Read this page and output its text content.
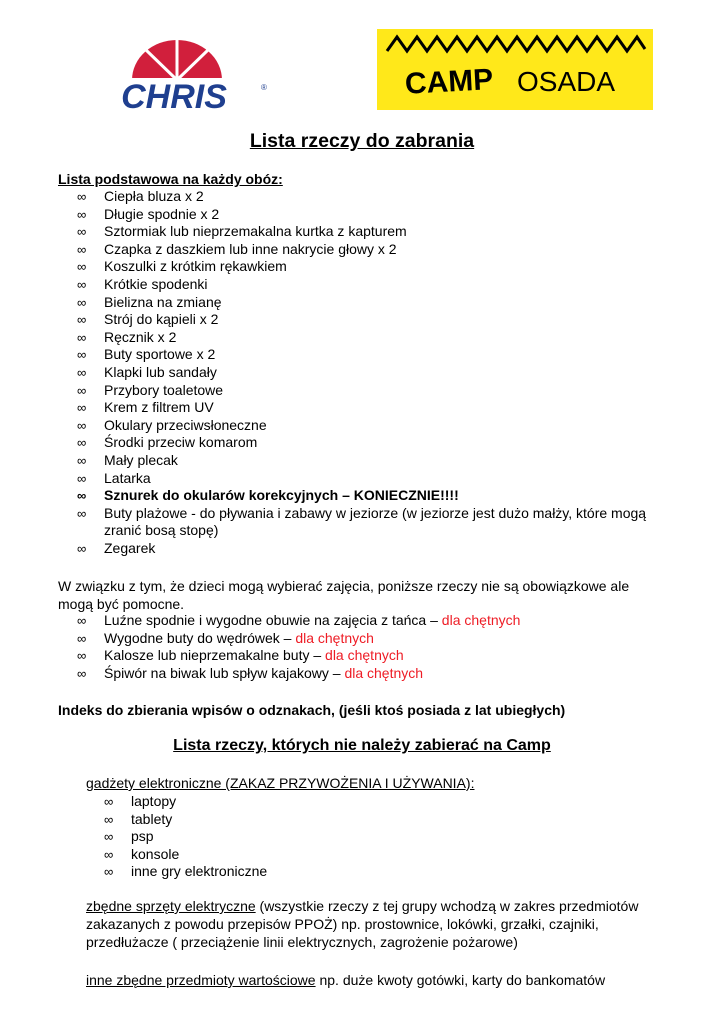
CHRIS	®	CAMP OSADA
Lista rzeczy do zabrania
Lista podstawowa na każdy obóz:
∞ Ciepła bluza x 2
∞ Długie spodnie x 2
∞ Sztormiak lub nieprzemakalna kurtka z kapturem
∞ Czapka z daszkiem lub inne nakrycie głowy x 2
∞ Koszulki z krótkim rękawkiem
∞ Krótkie spodenki
∞ Bielizna na zmianę
∞ Strój do kąpieli x 2
∞ Ręcznik x 2
∞ Buty sportowe x 2
∞ Klapki lub sandały
∞ Przybory toaletowe
∞ Krem z filtrem UV
∞ Okulary przeciwsłoneczne
∞ Środki przeciw komarom
∞ Mały plecak
∞ Latarka
∞ Sznurek do okularów korekcyjnych – KONIECZNIE!!!!
∞ Buty plażowe - do pływania i zabawy w jeziorze (w jeziorze jest dużo małży, które mogą zranić bosą stopę)
∞ Zegarek
W związku z tym, że dzieci mogą wybierać zajęcia, poniższe rzeczy nie są obowiązkowe ale mogą być pomocne.
∞ Luźne spodnie i wygodne obuwie na zajęcia z tańca – dla chętnych
∞ Wygodne buty do wędrówek – dla chętnych
∞ Kalosze lub nieprzemakalne buty – dla chętnych
∞ Śpiwór na biwak lub spływ kajakowy – dla chętnych
Indeks do zbierania wpisów o odznakach, (jeśli ktoś posiada z lat ubiegłych)
Lista rzeczy, których nie należy zabierać na Camp
gadżety elektroniczne (ZAKAZ PRZYWOŻENIA I UŻYWANIA):
∞ laptopy
∞ tablety
∞ psp
∞ konsole
∞ inne gry elektroniczne
zbędne sprzęty elektryczne (wszystkie rzeczy z tej grupy wchodzą w zakres przedmiotów zakazanych z powodu przepisów PPOŻ) np. prostownice, lokówki, grzałki, czajniki, przedłużacze ( przeciążenie linii elektrycznych, zagrożenie pożarowe)
inne zbędne przedmioty wartościowe np. duże kwoty gotówki, karty do bankomatów
